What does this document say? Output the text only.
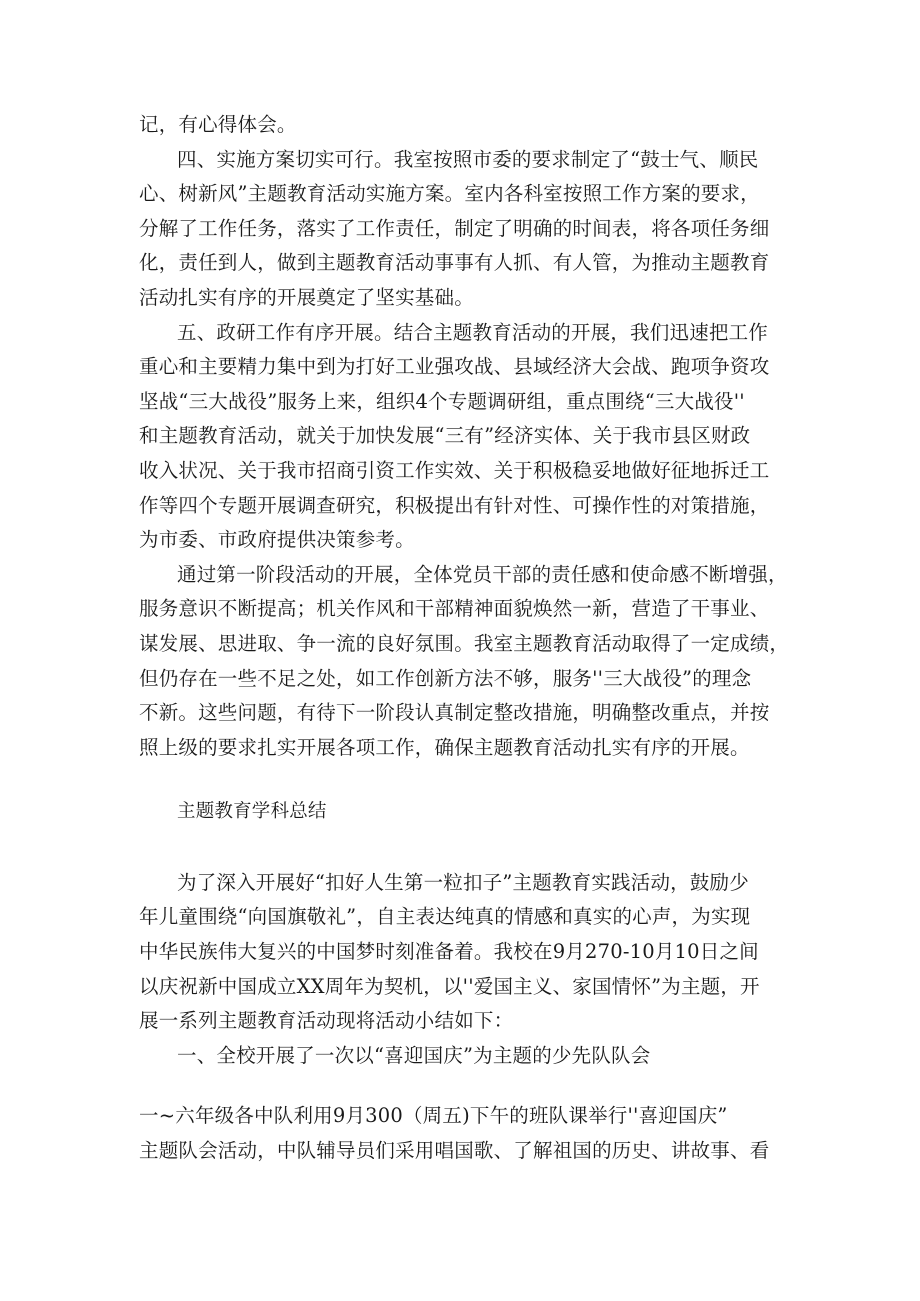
记，有心得体会。
四、实施方案切实可行。我室按照市委的要求制定了“鼓士气、顺民
心、树新风”主题教育活动实施方案。室内各科室按照工作方案的要求，
分解了工作任务，落实了工作责任，制定了明确的时间表，将各项任务细
化，责任到人，做到主题教育活动事事有人抓、有人管，为推动主题教育
活动扎实有序的开展奠定了坚实基础。
五、政研工作有序开展。结合主题教育活动的开展，我们迅速把工作
重心和主要精力集中到为打好工业强攻战、县域经济大会战、跑项争资攻
坚战“三大战役”服务上来，组织4个专题调研组，重点围绕“三大战役''
和主题教育活动，就关于加快发展“三有”经济实体、关于我市县区财政
收入状况、关于我市招商引资工作实效、关于积极稳妥地做好征地拆迁工
作等四个专题开展调查研究，积极提出有针对性、可操作性的对策措施，
为市委、市政府提供决策参考。
通过第一阶段活动的开展，全体党员干部的责任感和使命感不断增强，
服务意识不断提高；机关作风和干部精神面貌焕然一新，营造了干事业、
谋发展、思进取、争一流的良好氛围。我室主题教育活动取得了一定成绩，
但仍存在一些不足之处，如工作创新方法不够，服务''三大战役”的理念
不新。这些问题，有待下一阶段认真制定整改措施，明确整改重点，并按
照上级的要求扎实开展各项工作，确保主题教育活动扎实有序的开展。
主题教育学科总结
为了深入开展好“扣好人生第一粒扣子”主题教育实践活动，鼓励少
年儿童围绕“向国旗敬礼”，自主表达纯真的情感和真实的心声，为实现
中华民族伟大复兴的中国梦时刻准备着。我校在9月270-10月10日之间
以庆祝新中国成立XX周年为契机，以''爱国主义、家国情怀”为主题，开
展一系列主题教育活动现将活动小结如下：
一、全校开展了一次以“喜迎国庆”为主题的少先队队会
一~六年级各中队利用9月300（周五)下午的班队课举行''喜迎国庆”
主题队会活动，中队辅导员们采用唱国歌、了解祖国的历史、讲故事、看
